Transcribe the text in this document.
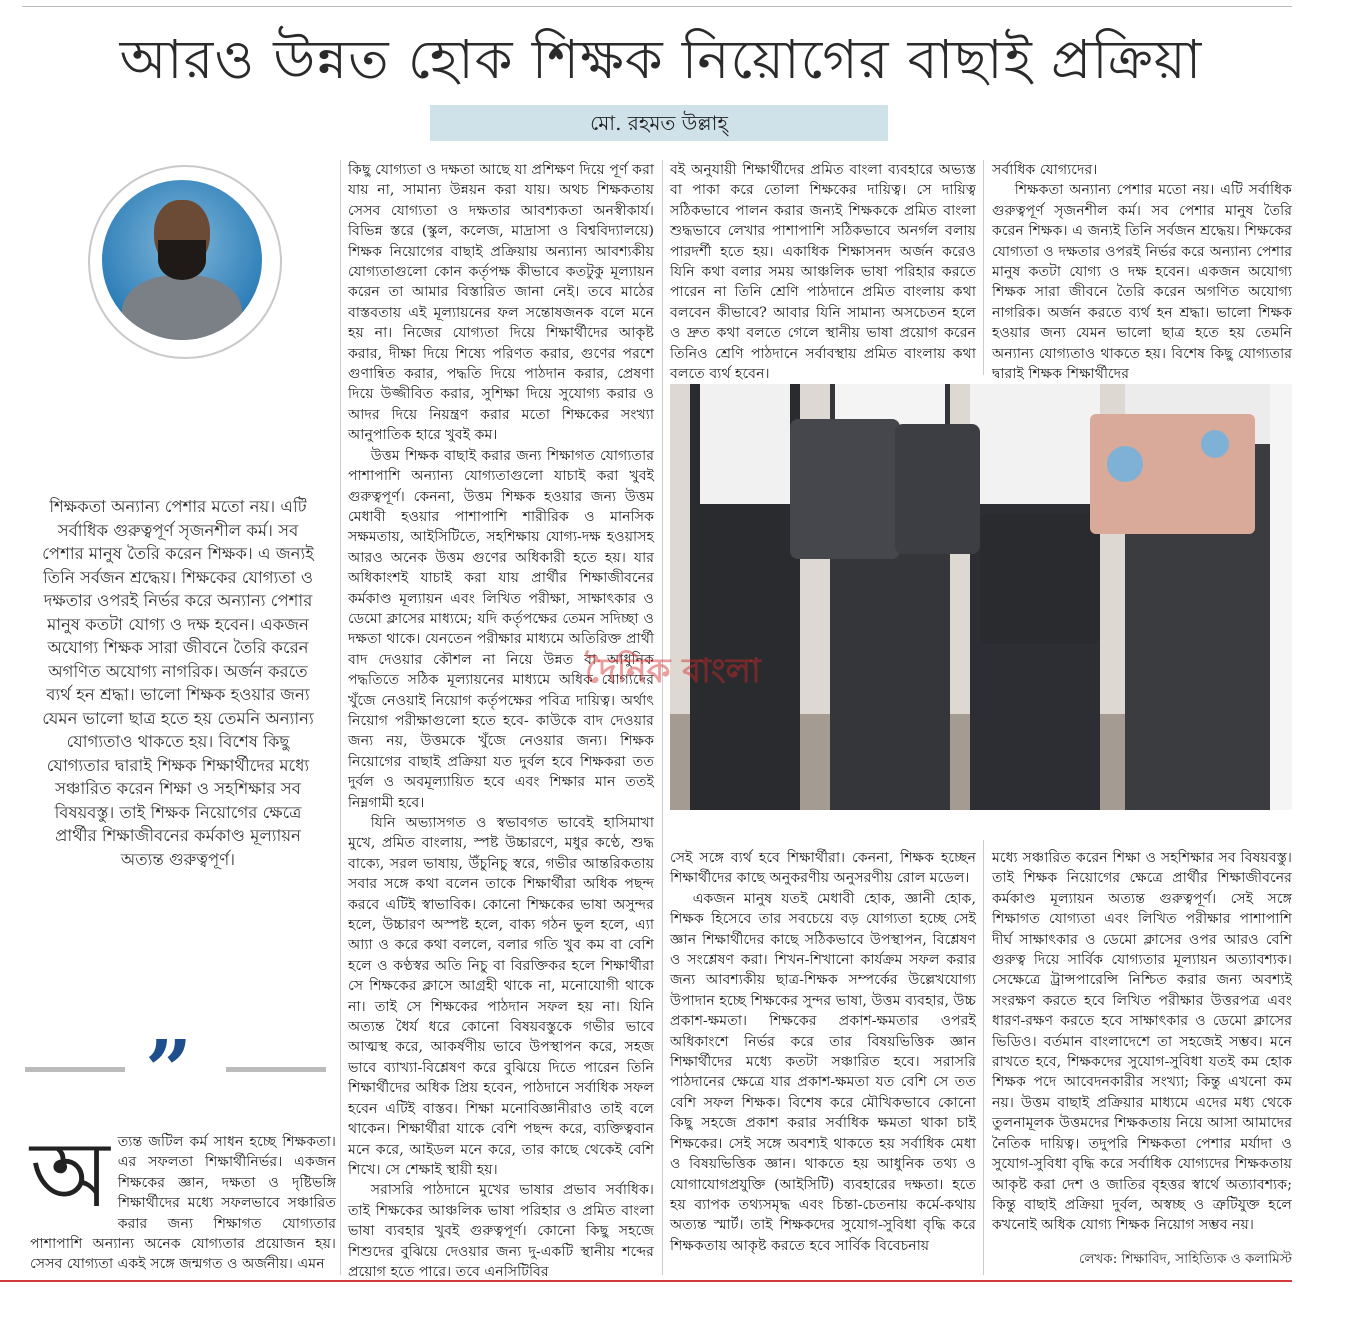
আরও উন্নত হোক শিক্ষক নিয়োগের বাছাই প্রক্রিয়া
মো. রহমত উল্লাহ্
শিক্ষকতা অন্যান্য পেশার মতো নয়। এটি সর্বাধিক গুরুত্বপূর্ণ সৃজনশীল কর্ম। সব পেশার মানুষ তৈরি করেন শিক্ষক। এ জন্যই তিনি সর্বজন শ্রদ্ধেয়। শিক্ষকের যোগ্যতা ও দক্ষতার ওপরই নির্ভর করে অন্যান্য পেশার মানুষ কতটা যোগ্য ও দক্ষ হবেন। একজন অযোগ্য শিক্ষক সারা জীবনে তৈরি করেন অগণিত অযোগ্য নাগরিক। অর্জন করতে ব্যর্থ হন শ্রদ্ধা। ভালো শিক্ষক হওয়ার জন্য যেমন ভালো ছাত্র হতে হয় তেমনি অন্যান্য যোগ্যতাও থাকতে হয়। বিশেষ কিছু যোগ্যতার দ্বারাই শিক্ষক শিক্ষার্থীদের মধ্যে সঞ্চারিত করেন শিক্ষা ও সহশিক্ষার সব বিষয়বস্তু। তাই শিক্ষক নিয়োগের ক্ষেত্রে প্রার্থীর শিক্ষাজীবনের কর্মকাণ্ড মূল্যায়ন অত্যন্ত গুরুত্বপূর্ণ।
”
অ ত্যন্ত জটিল কর্ম সাধন হচ্ছে শিক্ষকতা। এর সফলতা শিক্ষার্থীনির্ভর। একজন শিক্ষকের জ্ঞান, দক্ষতা ও দৃষ্টিভঙ্গি শিক্ষার্থীদের মধ্যে সফলভাবে সঞ্চারিত করার জন্য শিক্ষাগত যোগ্যতার পাশাপাশি অন্যান্য অনেক যোগ্যতার প্রয়োজন হয়। সেসব যোগ্যতা একই সঙ্গে জন্মগত ও অর্জনীয়। এমন

কিছু যোগ্যতা ও দক্ষতা আছে যা প্রশিক্ষণ দিয়ে পূর্ণ করা যায় না, সামান্য উন্নয়ন করা যায়। অথচ শিক্ষকতায় সেসব যোগ্যতা ও দক্ষতার আবশ্যকতা অনস্বীকার্য। বিভিন্ন স্তরে (স্কুল, কলেজ, মাদ্রাসা ও বিশ্ববিদ্যালয়ে) শিক্ষক নিয়োগের বাছাই প্রক্রিয়ায় অন্যান্য আবশ্যকীয় যোগ্যতাগুলো কোন কর্তৃপক্ষ কীভাবে কতটুকু মূল্যায়ন করেন তা আমার বিস্তারিত জানা নেই। তবে মাঠের বাস্তবতায় এই মূল্যায়নের ফল সন্তোষজনক বলে মনে হয় না। নিজের যোগ্যতা দিয়ে শিক্ষার্থীদের আকৃষ্ট করার, দীক্ষা দিয়ে শিষ্যে পরিণত করার, গুণের পরশে গুণান্বিত করার, পদ্ধতি দিয়ে পাঠদান করার, প্রেষণা দিয়ে উজ্জীবিত করার, সুশিক্ষা দিয়ে সুযোগ্য করার ও আদর দিয়ে নিয়ন্ত্রণ করার মতো শিক্ষকের সংখ্যা আনুপাতিক হারে খুবই কম।

উত্তম শিক্ষক বাছাই করার জন্য শিক্ষাগত যোগ্যতার পাশাপাশি অন্যান্য যোগ্যতাগুলো যাচাই করা খুবই গুরুত্বপূর্ণ। কেননা, উত্তম শিক্ষক হওয়ার জন্য উত্তম মেধাবী হওয়ার পাশাপাশি শারীরিক ও মানসিক সক্ষমতায়, আইসিটিতে, সহশিক্ষায় যোগ্য-দক্ষ হওয়াসহ আরও অনেক উত্তম গুণের অধিকারী হতে হয়। যার অধিকাংশই যাচাই করা যায় প্রার্থীর শিক্ষাজীবনের কর্মকাণ্ড মূল্যায়ন এবং লিখিত পরীক্ষা, সাক্ষাৎকার ও ডেমো ক্লাসের মাধ্যমে; যদি কর্তৃপক্ষের তেমন সদিচ্ছা ও দক্ষতা থাকে। যেনতেন পরীক্ষার মাধ্যমে অতিরিক্ত প্রার্থী বাদ দেওয়ার কৌশল না নিয়ে উন্নত বা আধুনিক পদ্ধতিতে সঠিক মূল্যায়নের মাধ্যমে অধিক যোগ্যদের খুঁজে নেওয়াই নিয়োগ কর্তৃপক্ষের পবিত্র দায়িত্ব। অর্থাৎ নিয়োগ পরীক্ষাগুলো হতে হবে- কাউকে বাদ দেওয়ার জন্য নয়, উত্তমকে খুঁজে নেওয়ার জন্য। শিক্ষক নিয়োগের বাছাই প্রক্রিয়া যত দুর্বল হবে শিক্ষকরা তত দুর্বল ও অবমূল্যায়িত হবে এবং শিক্ষার মান ততই নিম্নগামী হবে।

যিনি অভ্যাসগত ও স্বভাবগত ভাবেই হাসিমাখা মুখে, প্রমিত বাংলায়, স্পষ্ট উচ্চারণে, মধুর কণ্ঠে, শুদ্ধ বাক্যে, সরল ভাষায়, উঁচুনিচু স্বরে, গভীর আন্তরিকতায় সবার সঙ্গে কথা বলেন তাকে শিক্ষার্থীরা অধিক পছন্দ করবে এটিই স্বাভাবিক। কোনো শিক্ষকের ভাষা অসুন্দর হলে, উচ্চারণ অস্পষ্ট হলে, বাক্য গঠন ভুল হলে, এ্যা আ্যা ও করে কথা বললে, বলার গতি খুব কম বা বেশি হলে ও কণ্ঠস্বর অতি নিচু বা বিরক্তিকর হলে শিক্ষার্থীরা সে শিক্ষকের ক্লাসে আগ্রহী থাকে না, মনোযোগী থাকে না। তাই সে শিক্ষকের পাঠদান সফল হয় না। যিনি অত্যন্ত ধৈর্য ধরে কোনো বিষয়বস্তুকে গভীর ভাবে আত্মস্থ করে, আকর্ষণীয় ভাবে উপস্থাপন করে, সহজ ভাবে ব্যাখ্যা-বিশ্লেষণ করে বুঝিয়ে দিতে পারেন তিনি শিক্ষার্থীদের অধিক প্রিয় হবেন, পাঠদানে সর্বাধিক সফল হবেন এটিই বাস্তব। শিক্ষা মনোবিজ্ঞানীরাও তাই বলে থাকেন। শিক্ষার্থীরা যাকে বেশি পছন্দ করে, ব্যক্তিত্ববান মনে করে, আইডল মনে করে, তার কাছে থেকেই বেশি শিখে। সে শেক্ষাই স্থায়ী হয়।

সরাসরি পাঠদানে মুখের ভাষার প্রভাব সর্বাধিক। তাই শিক্ষকের আঞ্চলিক ভাষা পরিহার ও প্রমিত বাংলা ভাষা ব্যবহার খুবই গুরুত্বপূর্ণ। কোনো কিছু সহজে শিশুদের বুঝিয়ে দেওয়ার জন্য দু-একটি স্থানীয় শব্দের প্রয়োগ হতে পারে। তবে এনসিটিবির

বই অনুযায়ী শিক্ষার্থীদের প্রমিত বাংলা ব্যবহারে অভ্যস্ত বা পাকা করে তোলা শিক্ষকের দায়িত্ব। সে দায়িত্ব সঠিকভাবে পালন করার জন্যই শিক্ষককে প্রমিত বাংলা শুদ্ধভাবে লেখার পাশাপাশি সঠিকভাবে অনর্গল বলায় পারদর্শী হতে হয়। একাধিক শিক্ষাসনদ অর্জন করেও যিনি কথা বলার সময় আঞ্চলিক ভাষা পরিহার করতে পারেন না তিনি শ্রেণি পাঠদানে প্রমিত বাংলায় কথা বলবেন কীভাবে? আবার যিনি সামান্য অসচেতন হলে ও দ্রুত কথা বলতে গেলে স্থানীয় ভাষা প্রয়োগ করেন তিনিও শ্রেণি পাঠদানে সর্বাবস্থায় প্রমিত বাংলায় কথা বলতে ব্যর্থ হবেন।

সর্বাধিক যোগ্যদের।

শিক্ষকতা অন্যান্য পেশার মতো নয়। এটি সর্বাধিক গুরুত্বপূর্ণ সৃজনশীল কর্ম। সব পেশার মানুষ তৈরি করেন শিক্ষক। এ জন্যই তিনি সর্বজন শ্রদ্ধেয়। শিক্ষকের যোগ্যতা ও দক্ষতার ওপরই নির্ভর করে অন্যান্য পেশার মানুষ কতটা যোগ্য ও দক্ষ হবেন। একজন অযোগ্য শিক্ষক সারা জীবনে তৈরি করেন অগণিত অযোগ্য নাগরিক। অর্জন করতে ব্যর্থ হন শ্রদ্ধা। ভালো শিক্ষক হওয়ার জন্য যেমন ভালো ছাত্র হতে হয় তেমনি অন্যান্য যোগ্যতাও থাকতে হয়। বিশেষ কিছু যোগ্যতার দ্বারাই শিক্ষক শিক্ষার্থীদের

দৈনিক বাংলা

সেই সঙ্গে ব্যর্থ হবে শিক্ষার্থীরা। কেননা, শিক্ষক হচ্ছেন শিক্ষার্থীদের কাছে অনুকরণীয় অনুসরণীয় রোল মডেল।

একজন মানুষ যতই মেধাবী হোক, জ্ঞানী হোক, শিক্ষক হিসেবে তার সবচেয়ে বড় যোগ্যতা হচ্ছে সেই জ্ঞান শিক্ষার্থীদের কাছে সঠিকভাবে উপস্থাপন, বিশ্লেষণ ও সংশ্লেষণ করা। শিখন-শিখানো কার্যক্রম সফল করার জন্য আবশ্যকীয় ছাত্র-শিক্ষক সম্পর্কের উল্লেখযোগ্য উপাদান হচ্ছে শিক্ষকের সুন্দর ভাষা, উত্তম ব্যবহার, উচ্চ প্রকাশ-ক্ষমতা। শিক্ষকের প্রকাশ-ক্ষমতার ওপরই অধিকাংশে নির্ভর করে তার বিষয়ভিত্তিক জ্ঞান শিক্ষার্থীদের মধ্যে কতটা সঞ্চারিত হবে। সরাসরি পাঠদানের ক্ষেত্রে যার প্রকাশ-ক্ষমতা যত বেশি সে তত বেশি সফল শিক্ষক। বিশেষ করে মৌখিকভাবে কোনো কিছু সহজে প্রকাশ করার সর্বাধিক ক্ষমতা থাকা চাই শিক্ষকের। সেই সঙ্গে অবশ্যই থাকতে হয় সর্বাধিক মেধা ও বিষয়ভিত্তিক জ্ঞান। থাকতে হয় আধুনিক তথ্য ও যোগাযোগপ্রযুক্তি (আইসিটি) ব্যবহারের দক্ষতা। হতে হয় ব্যাপক তথ্যসমৃদ্ধ এবং চিন্তা-চেতনায় কর্মে-কথায় অত্যন্ত স্মার্ট। তাই শিক্ষকদের সুযোগ-সুবিধা বৃদ্ধি করে শিক্ষকতায় আকৃষ্ট করতে হবে সার্বিক বিবেচনায়

মধ্যে সঞ্চারিত করেন শিক্ষা ও সহশিক্ষার সব বিষয়বস্তু। তাই শিক্ষক নিয়োগের ক্ষেত্রে প্রার্থীর শিক্ষাজীবনের কর্মকাণ্ড মূল্যায়ন অত্যন্ত গুরুত্বপূর্ণ। সেই সঙ্গে শিক্ষাগত যোগ্যতা এবং লিখিত পরীক্ষার পাশাপাশি দীর্ঘ সাক্ষাৎকার ও ডেমো ক্লাসের ওপর আরও বেশি গুরুত্ব দিয়ে সার্বিক যোগ্যতার মূল্যায়ন অত্যাবশ্যক। সেক্ষেত্রে ট্রান্সপারেন্সি নিশ্চিত করার জন্য অবশ্যই সংরক্ষণ করতে হবে লিখিত পরীক্ষার উত্তরপত্র এবং ধারণ-রক্ষণ করতে হবে সাক্ষাৎকার ও ডেমো ক্লাসের ভিডিও। বর্তমান বাংলাদেশে তা সহজেই সম্ভব। মনে রাখতে হবে, শিক্ষকদের সুযোগ-সুবিধা যতই কম হোক শিক্ষক পদে আবেদনকারীর সংখ্যা; কিন্তু এখনো কম নয়। উত্তম বাছাই প্রক্রিয়ার মাধ্যমে এদের মধ্য থেকে তুলনামূলক উত্তমদের শিক্ষকতায় নিয়ে আসা আমাদের নৈতিক দায়িত্ব। তদুপরি শিক্ষকতা পেশার মর্যাদা ও সুযোগ-সুবিধা বৃদ্ধি করে সর্বাধিক যোগ্যদের শিক্ষকতায় আকৃষ্ট করা দেশ ও জাতির বৃহত্তর স্বার্থে অত্যাবশ্যক; কিন্তু বাছাই প্রক্রিয়া দুর্বল, অস্বচ্ছ ও ত্রুটিযুক্ত হলে কখনোই অধিক যোগ্য শিক্ষক নিয়োগ সম্ভব নয়।

লেখক: শিক্ষাবিদ, সাহিত্যিক ও কলামিস্ট
